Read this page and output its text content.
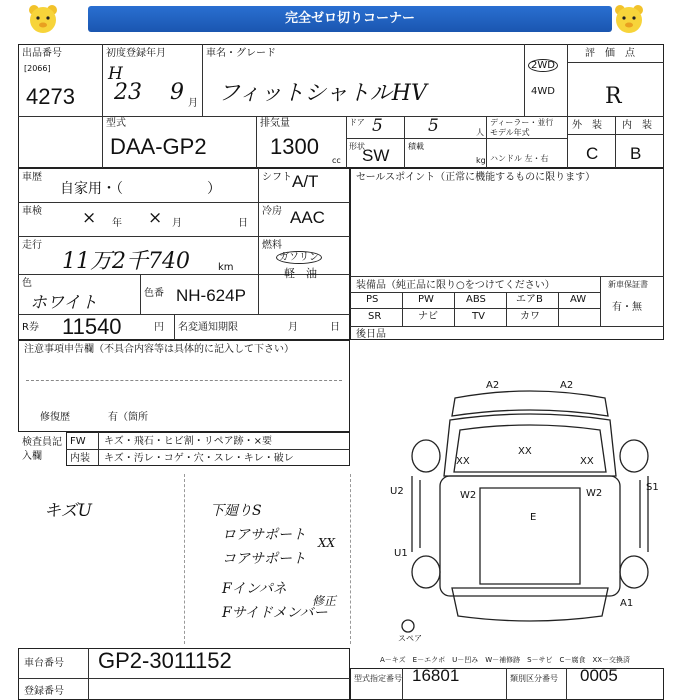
完全ゼロ切りコーナー
出品番号
[2066]
4273
初度登録年月
H
23 9 月
車名・グレード
フィットシャトルHV
2WD
4WD
評　価　点
R
型式
DAA-GP2
排気量
1300
cc
ドア 5	5	人
ディーラー・並行
モデル年式
形状
SW 積載
kg ハンドル 左・右
外　装 内　装
C B
車歴
自家用・（　　　　　　）
シフト A/T
車検 × 年 × 月	日
冷房 AAC
走行
11万2千740	km
燃料
ガソリン
軽　油
色
ホワイト	色番 NH-624P
R券 11540	円 名変通知期限	月	日
セールスポイント（正常に機能するものに限ります）
装備品（純正品に限り○をつけてください）	新車保証書
有・無
PS	PW	ABS	エアB	AW
SR	ナビ	TV	カワ
後日品
注意事項申告欄（不具合内容等は具体的に記入して下さい）
修復歴	有（箇所
検査員記入欄
FW キズ・飛石・ヒビ割・リペア跡・×要
内装 キズ・汚レ・コゲ・穴・スレ・キレ・破レ
キズU	下廻りS
ロアサポート
コアサポート
XX
Fインパネ
Fサイドメンバー
修正
A2	A2
XX
XX
XX
U2	W2	W2
S1
E
U1
A1
スペア
車台番号 GP2-3011152
登録番号
A－キズ　E－エクボ　U－凹み　W－補修跡　S－サビ　C－腐食　XX－交換済
型式指定番号 16801	類別区分番号 0005
